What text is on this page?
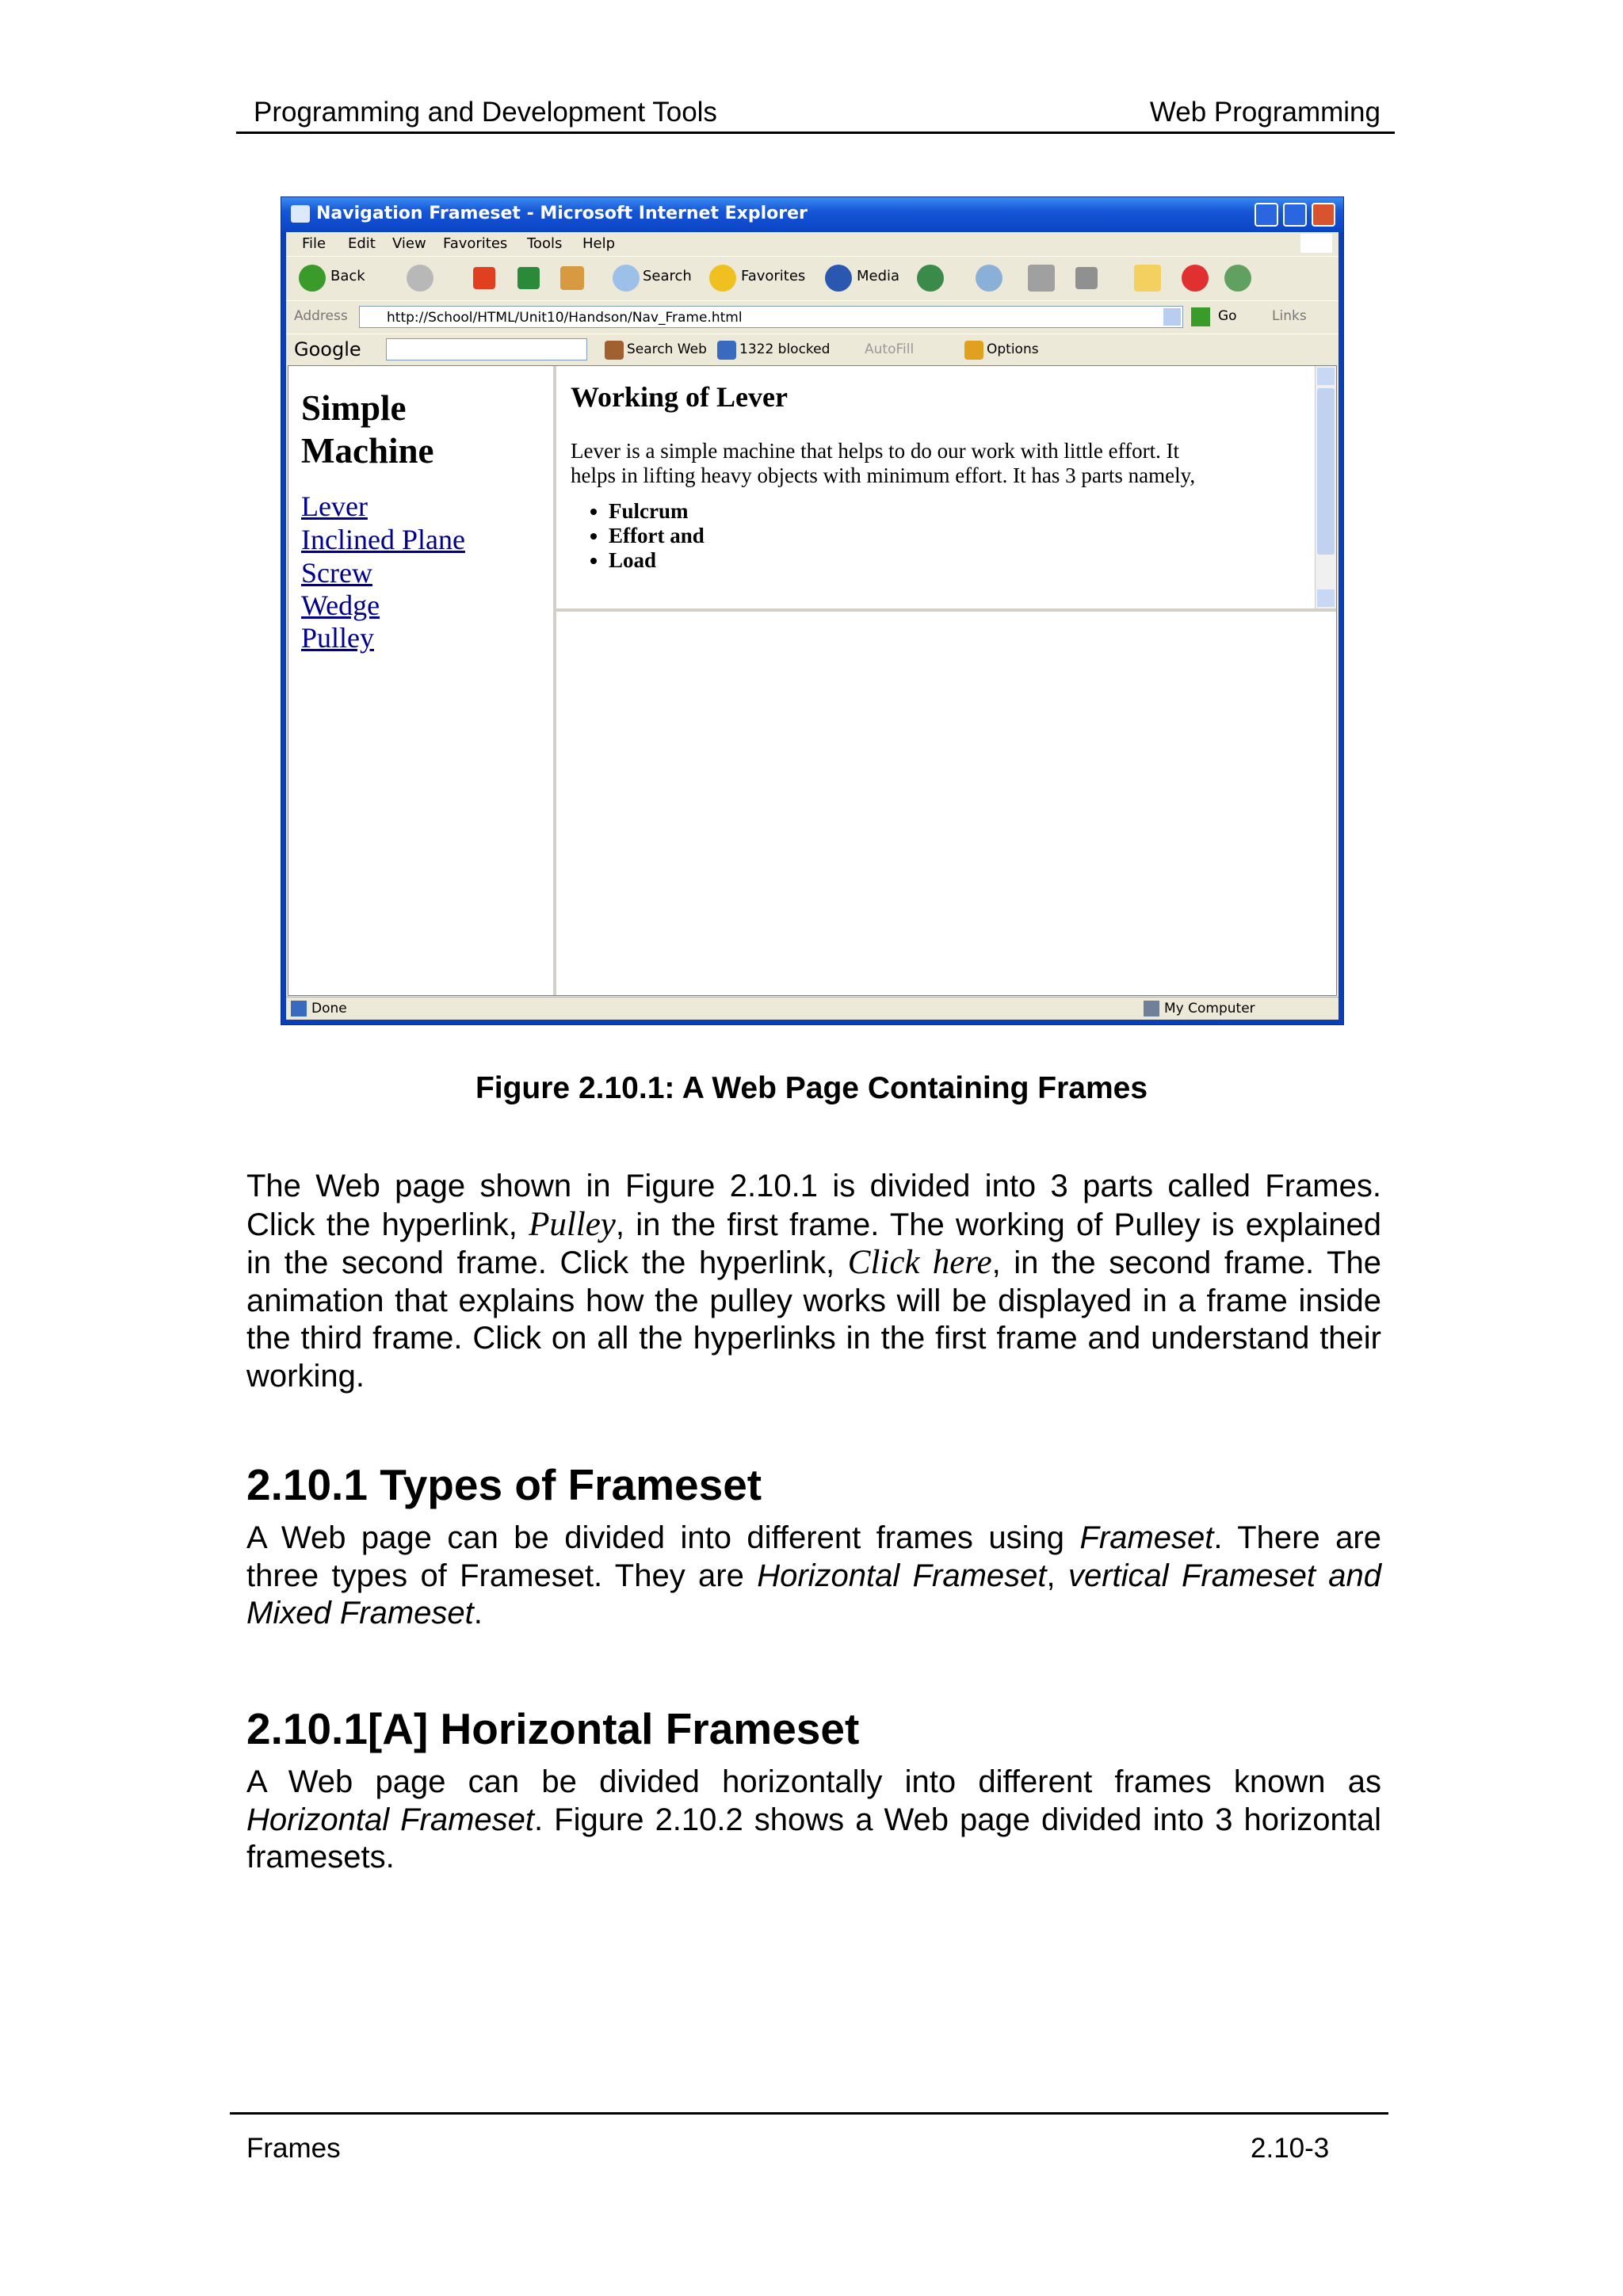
Programming and Development Tools	Web Programming
Navigation Frameset - Microsoft Internet Explorer
File Edit View Favorites Tools Help
Back	Search	Favorites	Media
Address	http://School/HTML/Unit10/Handson/Nav_Frame.html	Go	Links
Google	Search Web 1322 blocked	AutoFill	Options
Simple
Machine
Lever
Inclined Plane
Screw
Wedge
Pulley
Working of Lever
Lever is a simple machine that helps to do our work with little effort. It
helps in lifting heavy objects with minimum effort. It has 3 parts namely,
• Fulcrum
• Effort and
• Load
Done	My Computer
Figure 2.10.1: A Web Page Containing Frames
The Web page shown in Figure 2.10.1 is divided into 3 parts called Frames. Click the hyperlink, Pulley, in the first frame. The working of Pulley is explained in the second frame. Click the hyperlink, Click here, in the second frame. The animation that explains how the pulley works will be displayed in a frame inside the third frame. Click on all the hyperlinks in the first frame and understand their working.
2.10.1 Types of Frameset
A Web page can be divided into different frames using Frameset. There are three types of Frameset. They are Horizontal Frameset, vertical Frameset and Mixed Frameset.
2.10.1[A] Horizontal Frameset
A Web page can be divided horizontally into different frames known as Horizontal Frameset. Figure 2.10.2 shows a Web page divided into 3 horizontal framesets.
Frames	2.10-3
